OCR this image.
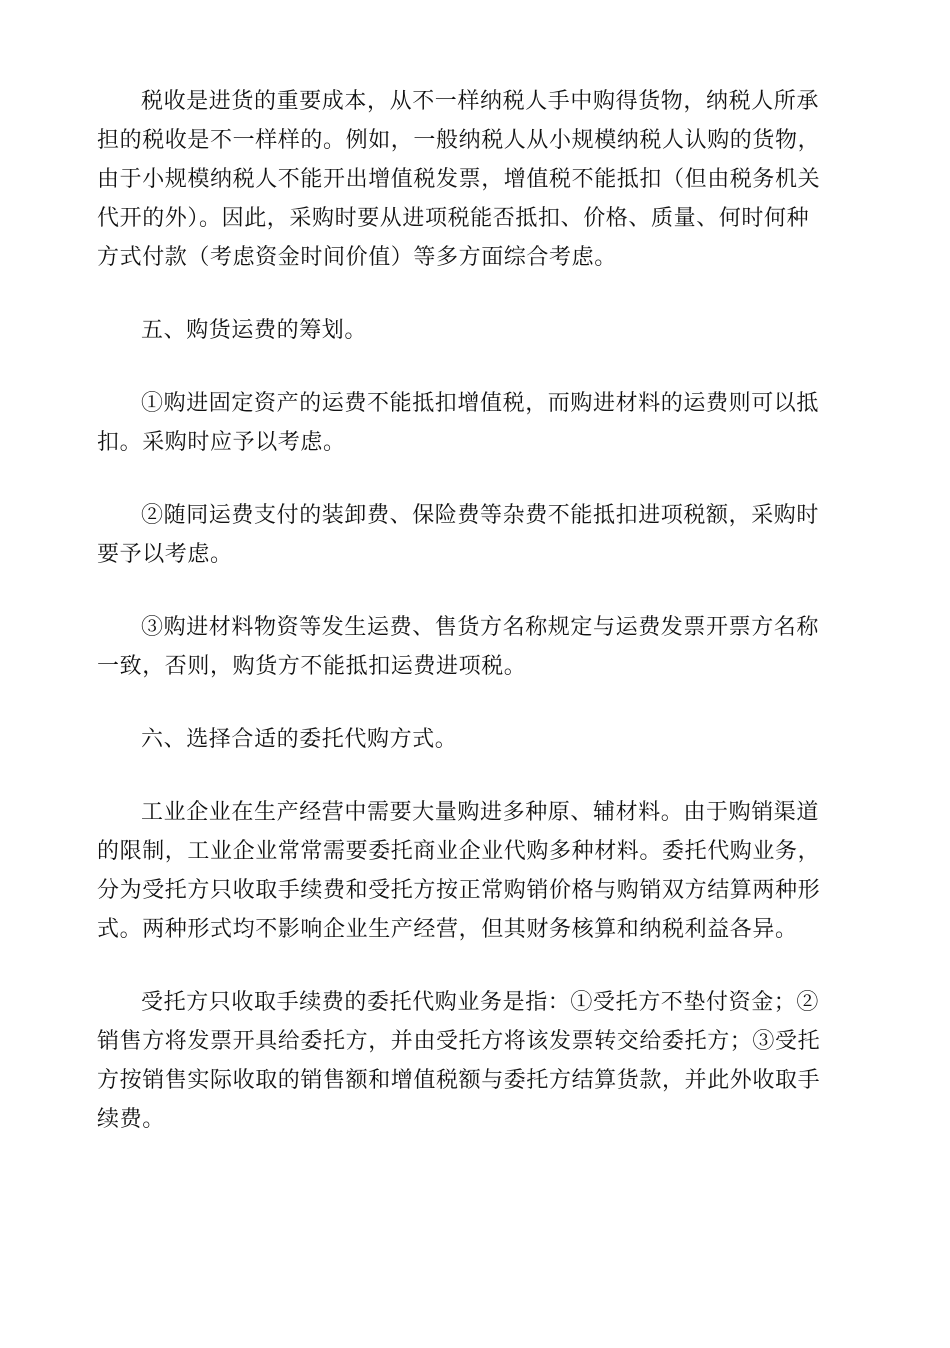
税收是进货的重要成本，从不一样纳税人手中购得货物，纳税人所承
担的税收是不一样样的。例如，一般纳税人从小规模纳税人认购的货物，
由于小规模纳税人不能开出增值税发票，增值税不能抵扣（但由税务机关
代开的外）。因此，采购时要从进项税能否抵扣、价格、质量、何时何种
方式付款（考虑资金时间价值）等多方面综合考虑。

五、购货运费的筹划。

①购进固定资产的运费不能抵扣增值税，而购进材料的运费则可以抵
扣。采购时应予以考虑。

②随同运费支付的装卸费、保险费等杂费不能抵扣进项税额，采购时
要予以考虑。

③购进材料物资等发生运费、售货方名称规定与运费发票开票方名称
一致，否则，购货方不能抵扣运费进项税。

六、选择合适的委托代购方式。

工业企业在生产经营中需要大量购进多种原、辅材料。由于购销渠道
的限制，工业企业常常需要委托商业企业代购多种材料。委托代购业务，
分为受托方只收取手续费和受托方按正常购销价格与购销双方结算两种形
式。两种形式均不影响企业生产经营，但其财务核算和纳税利益各异。

受托方只收取手续费的委托代购业务是指：①受托方不垫付资金；②
销售方将发票开具给委托方，并由受托方将该发票转交给委托方；③受托
方按销售实际收取的销售额和增值税额与委托方结算货款，并此外收取手
续费。
